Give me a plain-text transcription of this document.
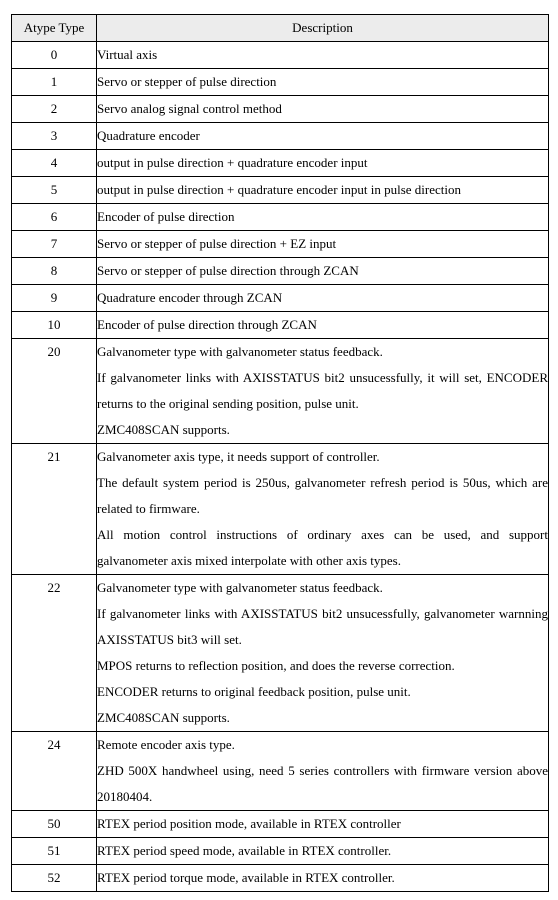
Atype Type	Description
0	Virtual axis

1	Servo or stepper of pulse direction

2	Servo analog signal control method

3	Quadrature encoder

4	output in pulse direction + quadrature encoder input

5	output in pulse direction + quadrature encoder input in pulse direction

6	Encoder of pulse direction

7	Servo or stepper of pulse direction + EZ input

8	Servo or stepper of pulse direction through ZCAN

9	Quadrature encoder through ZCAN

10	Encoder of pulse direction through ZCAN

20	Galvanometer type with galvanometer status feedback.

If galvanometer links with AXISSTATUS bit2 unsucessfully, it will set, ENCODER returns to the original sending position, pulse unit.

ZMC408SCAN supports.

21	Galvanometer axis type, it needs support of controller.

The default system period is 250us, galvanometer refresh period is 50us, which are related to firmware.

All motion control instructions of ordinary axes can be used, and support galvanometer axis mixed interpolate with other axis types.

22	Galvanometer type with galvanometer status feedback.

If galvanometer links with AXISSTATUS bit2 unsucessfully, galvanometer warnning AXISSTATUS bit3 will set.

MPOS returns to reflection position, and does the reverse correction.

ENCODER returns to original feedback position, pulse unit.

ZMC408SCAN supports.

24	Remote encoder axis type.

ZHD 500X handwheel using, need 5 series controllers with firmware version above 20180404.

50	RTEX period position mode, available in RTEX controller

51	RTEX period speed mode, available in RTEX controller.

52	RTEX period torque mode, available in RTEX controller.
